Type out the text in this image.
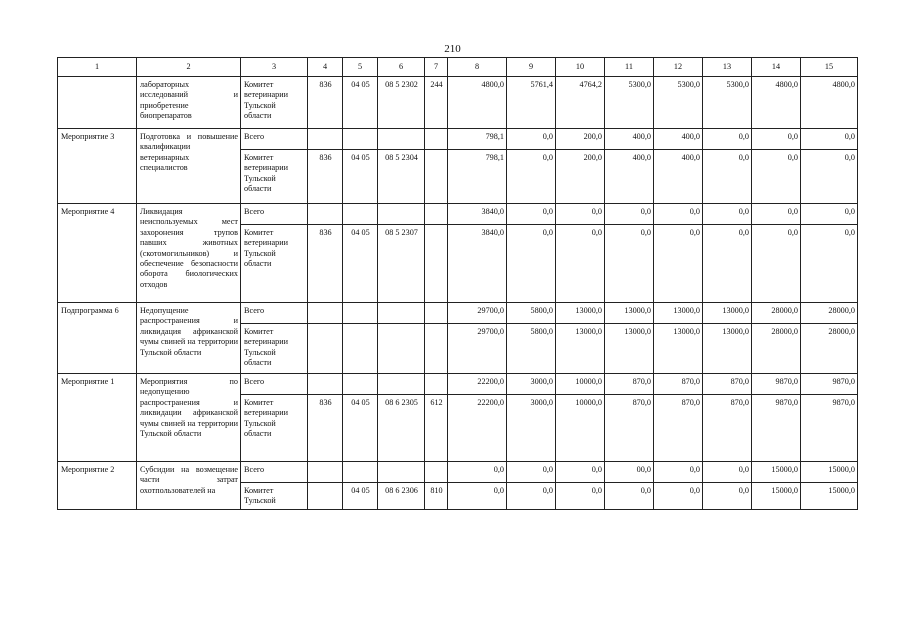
210
1	2	3	4	5	6	7	8	9	10	11	12	13	14	15
	лабораторных исследований и приобретение биопрепаратов	Комитет ветеринарии Тульской области	836	04 05	08 5 2302	244	4800,0	5761,4	4764,2	5300,0	5300,0	5300,0	4800,0	4800,0
Мероприятие 3	Подготовка и повышение квалификации ветеринарных специалистов	Всего					798,1	0,0	200,0	400,0	400,0	0,0	0,0	0,0
		Комитет ветеринарии Тульской области	836	04 05	08 5 2304		798,1	0,0	200,0	400,0	400,0	0,0	0,0	0,0
Мероприятие 4	Ликвидация неиспользуемых мест захоронения трупов павших животных (скотомогильников) и обеспечение безопасности оборота биологических отходов	Всего					3840,0	0,0	0,0	0,0	0,0	0,0	0,0	0,0
		Комитет ветеринарии Тульской области	836	04 05	08 5 2307		3840,0	0,0	0,0	0,0	0,0	0,0	0,0	0,0
Подпрограмма 6	Недопущение распространения и ликвидация африканской чумы свиней на территории Тульской области	Всего					29700,0	5800,0	13000,0	13000,0	13000,0	13000,0	28000,0	28000,0
		Комитет ветеринарии Тульской области					29700,0	5800,0	13000,0	13000,0	13000,0	13000,0	28000,0	28000,0
Мероприятие 1	Мероприятия по недопущению распространения и ликвидации африканской чумы свиней на территории Тульской области	Всего					22200,0	3000,0	10000,0	870,0	870,0	870,0	9870,0	9870,0
		Комитет ветеринарии Тульской области	836	04 05	08 6 2305	612	22200,0	3000,0	10000,0	870,0	870,0	870,0	9870,0	9870,0
Мероприятие 2	Субсидии на возмещение части затрат охотпользователей на	Всего					0,0	0,0	0,0	00,0	0,0	0,0	15000,0	15000,0
		Комитет Тульской		04 05	08 6 2306	810	0,0	0,0	0,0	0,0	0,0	0,0	15000,0	15000,0
